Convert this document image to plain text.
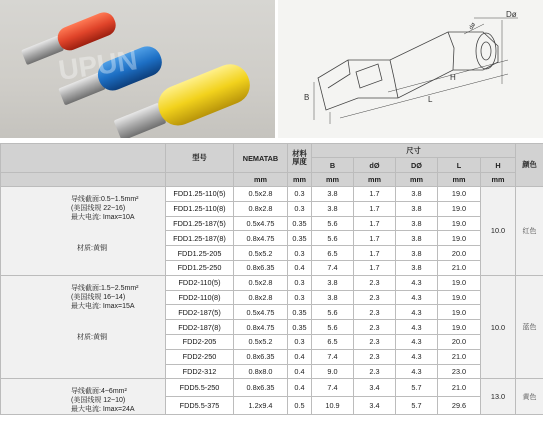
UPUN
Dø
dø
H
L
B
	型号	NEMATAB	材料厚度	尺寸					颜色
				B	dØ	DØ	L	H	
		mm	mm	mm	mm	mm	mm	mm	

导线截面:0.5~1.5mm²
(美国线规 22~16)
最大电流: Imax=10A
材质:黄铜	FDD1.25-110(5)	0.5x2.8	0.3	3.8	1.7	3.8	19.0	10.0	红色
	FDD1.25-110(8)	0.8x2.8	0.3	3.8	1.7	3.8	19.0		
	FDD1.25-187(5)	0.5x4.75	0.35	5.6	1.7	3.8	19.0		
	FDD1.25-187(8)	0.8x4.75	0.35	5.6	1.7	3.8	19.0		
	FDD1.25-205	0.5x5.2	0.3	6.5	1.7	3.8	20.0		
	FDD1.25-250	0.8x6.35	0.4	7.4	1.7	3.8	21.0		

导线截面:1.5~2.5mm²
(美国线规 16~14)
最大电流: Imax=15A
材质:黄铜	FDD2-110(5)	0.5x2.8	0.3	3.8	2.3	4.3	19.0	10.0	蓝色
	FDD2-110(8)	0.8x2.8	0.3	3.8	2.3	4.3	19.0		
	FDD2-187(5)	0.5x4.75	0.35	5.6	2.3	4.3	19.0		
	FDD2-187(8)	0.8x4.75	0.35	5.6	2.3	4.3	19.0		
	FDD2-205	0.5x5.2	0.3	6.5	2.3	4.3	20.0		
	FDD2-250	0.8x6.35	0.4	7.4	2.3	4.3	21.0		
	FDD2-312	0.8x8.0	0.4	9.0	2.3	4.3	23.0		

导线截面:4~6mm²
(美国线规 12~10)
最大电流: Imax=24A	FDD5.5-250	0.8x6.35	0.4	7.4	3.4	5.7	21.0	13.0	黄色
	FDD5.5-375	1.2x9.4	0.5	10.9	3.4	5.7	29.6		
